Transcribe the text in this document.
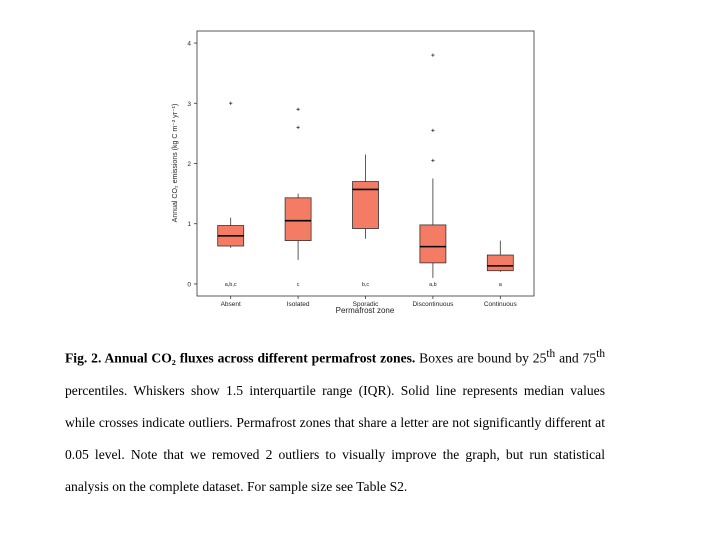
0
1
2
3
4
a,b,c	c	b,c	a,b	a
Absent	Isolated	Sporadic	Discontinuous	Continuous
Permafrost zone
Annual CO₂ emissions (kg C m⁻² yr⁻¹)

Fig. 2. Annual CO₂ fluxes across different permafrost zones. Boxes are bound by 25th and 75th percentiles. Whiskers show 1.5 interquartile range (IQR). Solid line represents median values while crosses indicate outliers. Permafrost zones that share a letter are not significantly different at 0.05 level. Note that we removed 2 outliers to visually improve the graph, but run statistical analysis on the complete dataset. For sample size see Table S2.
